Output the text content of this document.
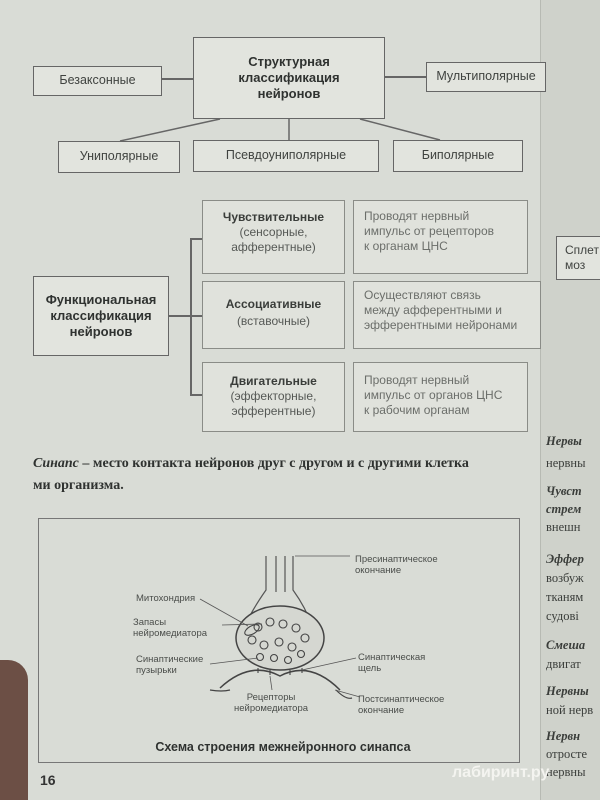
Структурная
классификация
нейронов
Безаксонные	Мультиполярные
Униполярные	Псевдоуниполярные	Биполярные
Функциональная
классификация
нейронов
Чувствительные
(сенсорные,
афферентные)
Проводят нервный
импульс от рецепторов
к органам ЦНС
Ассоциативные
(вставочные)
Осуществляют связь
между афферентными и
эфферентными нейронами
Двигательные
(эффекторные,
эфферентные)
Проводят нервный
импульс от органов ЦНС
к рабочим органам
Синапс – место контакта нейронов друг с другом и с другими клетка
ми организма.
Пресинаптическое
окончание
Митохондрия
Запасы
нейромедиатора
Синаптические
пузырьки
Синаптическая
щель
Рецепторы
нейромедиатора
Постсинаптическое
окончание
Схема строения межнейронного синапса
16
Нервы
нервны
Чувст
стрем
внешн
Эффер
возбуж
тканям
судові
Смеша
двигат
Нервны
ной нерв
Нервн
отросте
нервны
Сплет
моз
лабиринт.ру
